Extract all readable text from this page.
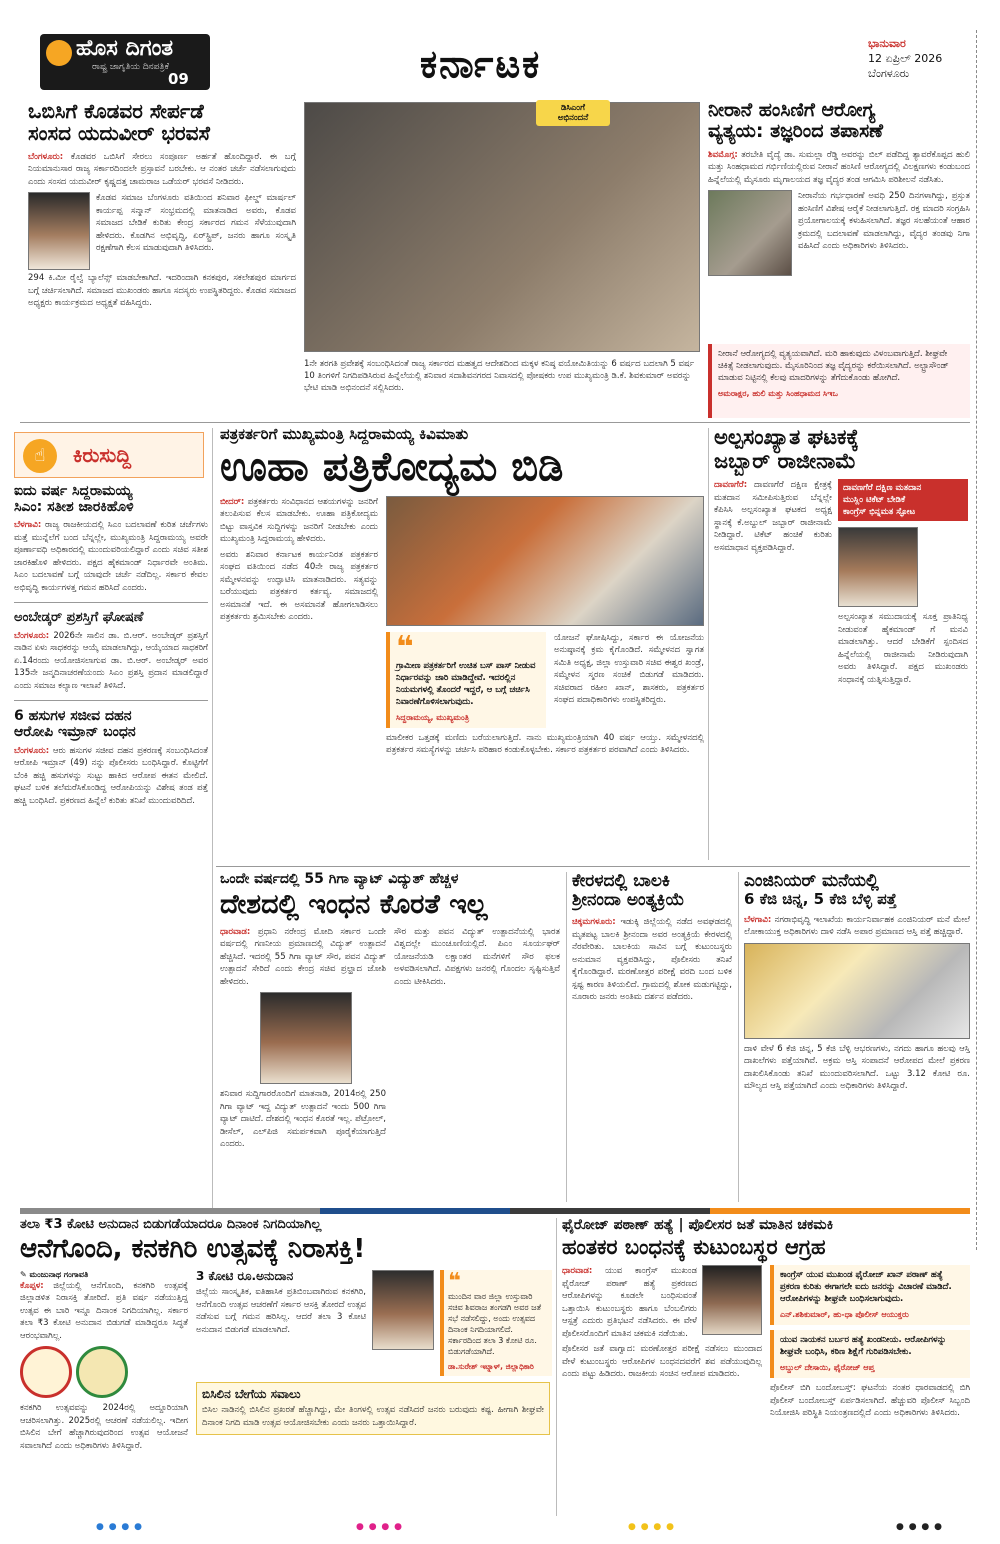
ಹೊಸ ದಿಗಂತ
ರಾಷ್ಟ್ರ ಜಾಗೃತಿಯ ದಿನಪತ್ರಿಕೆ
09	ಕರ್ನಾಟಕ	ಭಾನುವಾರ
12 ಏಪ್ರಿಲ್ 2026
ಬೆಂಗಳೂರು
ಒಬಿಸಿಗೆ ಕೊಡವರ ಸೇರ್ಪಡೆ
ಸಂಸದ ಯದುವೀರ್ ಭರವಸೆ
ಬೆಂಗಳೂರು: ಕೊಡವರ ಒಬಿಸಿಗೆ ಸೇರಲು ಸಂಪೂರ್ಣ ಅರ್ಹತೆ ಹೊಂದಿದ್ದಾರೆ. ಈ ಬಗ್ಗೆ ನಿಯಮಾನುಸಾರ ರಾಜ್ಯ ಸರ್ಕಾರದಿಂದಲೇ ಪ್ರಸ್ತಾವನೆ ಬರಬೇಕು. ಆ ನಂತರ ಚರ್ಚೆ ನಡೆಸಲಾಗುವುದು ಎಂದು ಸಂಸದ ಯದುವೀರ್ ಕೃಷ್ಣದತ್ತ ಚಾಮರಾಜ ಒಡೆಯರ್ ಭರವಸೆ ನೀಡಿದರು.
ಕೊಡವ ಸಮಾಜ ಬೆಂಗಳೂರು ವತಿಯಿಂದ ಶನಿವಾರ ಫೀಲ್ಡ್ ಮಾರ್ಷಲ್ ಕಾರ್ಯಪ್ಪ ಸನ್ಮಾನ್ ಸಂಭ್ರಮದಲ್ಲಿ ಮಾತನಾಡಿದ ಅವರು, ಕೊಡವ ಸಮಾಜದ ಬೇಡಿಕೆ ಕುರಿತು ಕೇಂದ್ರ ಸರ್ಕಾರದ ಗಮನ ಸೆಳೆಯುವುದಾಗಿ ಹೇಳಿದರು. ಕೊಡಗಿನ ಅಭಿವೃದ್ಧಿ, ಏರ್‌ಸ್ಟ್ರಿಪ್, ಜನರು ಹಾಗೂ ಸಂಸ್ಕೃತಿ ರಕ್ಷಣೆಗಾಗಿ ಕೆಲಸ ಮಾಡುವುದಾಗಿ ತಿಳಿಸಿದರು.
294 ಕಿ.ಮೀ ರೈಲ್ವೆ ಬ್ಯಾಲೆನ್ಸ್ ಮಾಡಬೇಕಾಗಿದೆ. ಇದರಿಂದಾಗಿ ಕನಕಪುರ, ಸಕಲೇಶಪುರ ಮಾರ್ಗದ ಬಗ್ಗೆ ಚರ್ಚಿಸಲಾಗಿದೆ. ಸಮಾಜದ ಮುಖಂಡರು ಹಾಗೂ ಸದಸ್ಯರು ಉಪಸ್ಥಿತರಿದ್ದರು. ಕೊಡವ ಸಮಾಜದ ಅಧ್ಯಕ್ಷರು ಕಾರ್ಯಕ್ರಮದ ಅಧ್ಯಕ್ಷತೆ ವಹಿಸಿದ್ದರು.
ಡಿಸಿಎಂಗೆ
ಅಭಿನಂದನೆ
1ನೇ ತರಗತಿ ಪ್ರವೇಶಕ್ಕೆ ಸಂಬಂಧಿಸಿದಂತೆ ರಾಜ್ಯ ಸರ್ಕಾರದ ಮಹತ್ವದ ಆದೇಶದಿಂದ ಮಕ್ಕಳ ಕನಿಷ್ಠ ವಯೋಮಿತಿಯನ್ನು 6 ವರ್ಷದ ಬದಲಾಗಿ 5 ವರ್ಷ 10 ತಿಂಗಳಿಗೆ ನಿಗದಿಪಡಿಸಿರುವ ಹಿನ್ನೆಲೆಯಲ್ಲಿ ಶನಿವಾರ ಸದಾಶಿವನಗರದ ನಿವಾಸದಲ್ಲಿ ಪೋಷಕರು ಉಪ ಮುಖ್ಯಮಂತ್ರಿ ಡಿ.ಕೆ. ಶಿವಕುಮಾರ್ ಅವರನ್ನು ಭೇಟಿ ಮಾಡಿ ಅಭಿನಂದನೆ ಸಲ್ಲಿಸಿದರು.
ನೀರಾನೆ ಹಂಸಿಣಿಗೆ ಆರೋಗ್ಯ
ವ್ಯತ್ಯಯ: ತಜ್ಞರಿಂದ ತಪಾಸಣೆ
ಶಿವಮೊಗ್ಗ: ತರಬೇತಿ ವೈದ್ಯೆ ಡಾ. ಸುಮಲ್ಲಾ ರೆಡ್ಡಿ ಅವರನ್ನು ಬಿಲ್ ಪಡೆದಿದ್ದ ತ್ಯಾವರೆಕೊಪ್ಪದ ಹುಲಿ ಮತ್ತು ಸಿಂಹಧಾಮದ ಗರ್ಭಿಣಿಯಲ್ಲಿರುವ ನೀರಾನೆ ಹಂಸಿಣಿ ಆರೋಗ್ಯದಲ್ಲಿ ವಿಲಕ್ಷಣಗಳು ಕಂಡುಬಂದ ಹಿನ್ನೆಲೆಯಲ್ಲಿ ಮೈಸೂರು ಮೃಗಾಲಯದ ತಜ್ಞ ವೈದ್ಯರ ತಂಡ ಆಗಮಿಸಿ ಪರಿಶೀಲನೆ ನಡೆಸಿತು.
ನೀರಾನೆಯ ಗರ್ಭಧಾರಣೆ ಅವಧಿ 250 ದಿನಗಳಾಗಿದ್ದು, ಪ್ರಸ್ತುತ ಹಂಸಿಣಿಗೆ ವಿಶೇಷ ಆರೈಕೆ ನೀಡಲಾಗುತ್ತಿದೆ. ರಕ್ತ ಮಾದರಿ ಸಂಗ್ರಹಿಸಿ ಪ್ರಯೋಗಾಲಯಕ್ಕೆ ಕಳುಹಿಸಲಾಗಿದೆ. ತಜ್ಞರ ಸಲಹೆಯಂತೆ ಆಹಾರ ಕ್ರಮದಲ್ಲಿ ಬದಲಾವಣೆ ಮಾಡಲಾಗಿದ್ದು, ವೈದ್ಯರ ತಂಡವು ನಿಗಾ ವಹಿಸಿದೆ ಎಂದು ಅಧಿಕಾರಿಗಳು ತಿಳಿಸಿದರು.
ನೀರಾನೆ ಆರೋಗ್ಯದಲ್ಲಿ ವ್ಯತ್ಯಯವಾಗಿದೆ. ಮರಿ ಹಾಕುವುದು ವಿಳಂಬವಾಗುತ್ತಿದೆ. ಶೀಘ್ರವೇ ಚಿಕಿತ್ಸೆ ನೀಡಲಾಗುವುದು. ಮೈಸೂರಿನಿಂದ ತಜ್ಞ ವೈದ್ಯರನ್ನು ಕರೆಯಿಸಲಾಗಿದೆ. ಅಲ್ಟ್ರಾಸೌಂಡ್ ಮಾಡುವ ನಿಟ್ಟಿನಲ್ಲಿ ಕೆಲವು ಮಾದರಿಗಳನ್ನು ತೆಗೆದುಕೊಂಡು ಹೋಗಿದೆ.
ಅಮರಾಕ್ಷರ, ಹುಲಿ ಮತ್ತು ಸಿಂಹಧಾಮದ ಸಿಇಒ
☝	ಕಿರುಸುದ್ದಿ
ಐದು ವರ್ಷ ಸಿದ್ದರಾಮಯ್ಯ
ಸಿಎಂ: ಸತೀಶ ಜಾರಕಿಹೊಳಿ
ಬೆಳಗಾವಿ: ರಾಜ್ಯ ರಾಜಕೀಯದಲ್ಲಿ ಸಿಎಂ ಬದಲಾವಣೆ ಕುರಿತ ಚರ್ಚೆಗಳು ಮತ್ತೆ ಮುನ್ನೆಲೆಗೆ ಬಂದ ಬೆನ್ನಲ್ಲೇ, ಮುಖ್ಯಮಂತ್ರಿ ಸಿದ್ದರಾಮಯ್ಯ ಅವರೇ ಪೂರ್ಣಾವಧಿ ಅಧಿಕಾರದಲ್ಲಿ ಮುಂದುವರಿಯಲಿದ್ದಾರೆ ಎಂದು ಸಚಿವ ಸತೀಶ ಜಾರಕಿಹೊಳಿ ಹೇಳಿದರು. ಪಕ್ಷದ ಹೈಕಮಾಂಡ್ ನಿರ್ಧಾರವೇ ಅಂತಿಮ. ಸಿಎಂ ಬದಲಾವಣೆ ಬಗ್ಗೆ ಯಾವುದೇ ಚರ್ಚೆ ನಡೆದಿಲ್ಲ. ಸರ್ಕಾರ ಕೇವಲ ಅಭಿವೃದ್ಧಿ ಕಾರ್ಯಗಳತ್ತ ಗಮನ ಹರಿಸಿದೆ ಎಂದರು.
ಅಂಬೇಡ್ಕರ್ ಪ್ರಶಸ್ತಿಗೆ ಘೋಷಣೆ
ಬೆಂಗಳೂರು: 2026ನೇ ಸಾಲಿನ ಡಾ. ಬಿ.ಆರ್. ಅಂಬೇಡ್ಕರ್ ಪ್ರಶಸ್ತಿಗೆ ನಾಡಿನ ಏಳು ಸಾಧಕರನ್ನು ಆಯ್ಕೆ ಮಾಡಲಾಗಿದ್ದು, ಆಯ್ಕೆಯಾದ ಸಾಧಕರಿಗೆ ಏ.14ರಂದು ಆಯೋಜಿಸಲಾಗುವ ಡಾ. ಬಿ.ಆರ್. ಅಂಬೇಡ್ಕರ್ ಅವರ 135ನೇ ಜನ್ಮದಿನಾಚರಣೆಯಂದು ಸಿಎಂ ಪ್ರಶಸ್ತಿ ಪ್ರದಾನ ಮಾಡಲಿದ್ದಾರೆ ಎಂದು ಸಮಾಜ ಕಲ್ಯಾಣ ಇಲಾಖೆ ತಿಳಿಸಿದೆ.
6 ಹಸುಗಳ ಸಜೀವ ದಹನ
ಆರೋಪಿ ಇಮ್ರಾನ್ ಬಂಧನ
ಬೆಂಗಳೂರು: ಆರು ಹಸುಗಳ ಸಜೀವ ದಹನ ಪ್ರಕರಣಕ್ಕೆ ಸಂಬಂಧಿಸಿದಂತೆ ಆರೋಪಿ ಇಮ್ರಾನ್ (49) ನನ್ನು ಪೊಲೀಸರು ಬಂಧಿಸಿದ್ದಾರೆ. ಕೊಟ್ಟಿಗೆಗೆ ಬೆಂಕಿ ಹಚ್ಚಿ ಹಸುಗಳನ್ನು ಸುಟ್ಟು ಹಾಕಿದ ಆರೋಪ ಈತನ ಮೇಲಿದೆ. ಘಟನೆ ಬಳಿಕ ತಲೆಮರೆಸಿಕೊಂಡಿದ್ದ ಆರೋಪಿಯನ್ನು ವಿಶೇಷ ತಂಡ ಪತ್ತೆ ಹಚ್ಚಿ ಬಂಧಿಸಿದೆ. ಪ್ರಕರಣದ ಹಿನ್ನೆಲೆ ಕುರಿತು ತನಿಖೆ ಮುಂದುವರಿದಿದೆ.
ಪತ್ರಕರ್ತರಿಗೆ ಮುಖ್ಯಮಂತ್ರಿ ಸಿದ್ದರಾಮಯ್ಯ ಕಿವಿಮಾತು
ಊಹಾ ಪತ್ರಿಕೋದ್ಯಮ ಬಿಡಿ
ಬೀದರ್: ಪತ್ರಕರ್ತರು ಸಂವಿಧಾನದ ಆಶಯಗಳನ್ನು ಜನರಿಗೆ ತಲುಪಿಸುವ ಕೆಲಸ ಮಾಡಬೇಕು. ಊಹಾ ಪತ್ರಿಕೋದ್ಯಮ ಬಿಟ್ಟು ವಾಸ್ತವಿಕ ಸುದ್ದಿಗಳನ್ನು ಜನರಿಗೆ ನೀಡಬೇಕು ಎಂದು ಮುಖ್ಯಮಂತ್ರಿ ಸಿದ್ದರಾಮಯ್ಯ ಹೇಳಿದರು.
ಅವರು ಶನಿವಾರ ಕರ್ನಾಟಕ ಕಾರ್ಯನಿರತ ಪತ್ರಕರ್ತರ ಸಂಘದ ವತಿಯಿಂದ ನಡೆದ 40ನೇ ರಾಜ್ಯ ಪತ್ರಕರ್ತರ ಸಮ್ಮೇಳನವನ್ನು ಉದ್ಘಾಟಿಸಿ ಮಾತನಾಡಿದರು. ಸತ್ಯವನ್ನು ಬರೆಯುವುದು ಪತ್ರಕರ್ತರ ಕರ್ತವ್ಯ. ಸಮಾಜದಲ್ಲಿ ಅಸಮಾನತೆ ಇದೆ. ಈ ಅಸಮಾನತೆ ಹೋಗಲಾಡಿಸಲು ಪತ್ರಕರ್ತರು ಶ್ರಮಿಸಬೇಕು ಎಂದರು.
❝
ಗ್ರಾಮೀಣ ಪತ್ರಕರ್ತರಿಗೆ ಉಚಿತ ಬಸ್ ಪಾಸ್ ನೀಡುವ ನಿರ್ಧಾರವನ್ನು ಜಾರಿ ಮಾಡಿದ್ದೇವೆ. ಇದರಲ್ಲಿನ ನಿಯಮಗಳಲ್ಲಿ ತೊಂದರೆ ಇದ್ದರೆ, ಆ ಬಗ್ಗೆ ಚರ್ಚಿಸಿ ನಿವಾರಣೆಗೊಳಿಸಲಾಗುವುದು.
ಸಿದ್ದರಾಮಯ್ಯ, ಮುಖ್ಯಮಂತ್ರಿ
ಯೋಜನೆ ಘೋಷಿಸಿದ್ದು, ಸರ್ಕಾರ ಈ ಯೋಜನೆಯ ಅನುಷ್ಠಾನಕ್ಕೆ ಕ್ರಮ ಕೈಗೊಂಡಿದೆ. ಸಮ್ಮೇಳನದ ಸ್ವಾಗತ ಸಮಿತಿ ಅಧ್ಯಕ್ಷ, ಜಿಲ್ಲಾ ಉಸ್ತುವಾರಿ ಸಚಿವ ಈಶ್ವರ ಖಂಡ್ರೆ, ಸಮ್ಮೇಳನ ಸ್ಮರಣ ಸಂಚಿಕೆ ಬಿಡುಗಡೆ ಮಾಡಿದರು. ಸಚಿವರಾದ ರಹೀಂ ಖಾನ್, ಶಾಸಕರು, ಪತ್ರಕರ್ತರ ಸಂಘದ ಪದಾಧಿಕಾರಿಗಳು ಉಪಸ್ಥಿತರಿದ್ದರು.
ಮಾಲೀಕರ ಒತ್ತಡಕ್ಕೆ ಮಣಿದು ಬರೆಯಲಾಗುತ್ತಿದೆ. ನಾನು ಮುಖ್ಯಮಂತ್ರಿಯಾಗಿ 40 ವರ್ಷ ಆಯ್ತು. ಸಮ್ಮೇಳನದಲ್ಲಿ ಪತ್ರಕರ್ತರ ಸಮಸ್ಯೆಗಳನ್ನು ಚರ್ಚಿಸಿ ಪರಿಹಾರ ಕಂಡುಕೊಳ್ಳಬೇಕು. ಸರ್ಕಾರ ಪತ್ರಕರ್ತರ ಪರವಾಗಿದೆ ಎಂದು ತಿಳಿಸಿದರು.
ಅಲ್ಪಸಂಖ್ಯಾತ ಘಟಕಕ್ಕೆ
ಜಬ್ಬಾರ್ ರಾಜೀನಾಮೆ
ದಾವಣಗೆರೆ: ದಾವಣಗೆರೆ ದಕ್ಷಿಣ ಕ್ಷೇತ್ರಕ್ಕೆ ಮತದಾನ ಸಮೀಪಿಸುತ್ತಿರುವ ಬೆನ್ನಲ್ಲೇ ಕೆಪಿಸಿಸಿ ಅಲ್ಪಸಂಖ್ಯಾತ ಘಟಕದ ಅಧ್ಯಕ್ಷ ಸ್ಥಾನಕ್ಕೆ ಕೆ.ಅಬ್ದುಲ್ ಜಬ್ಬಾರ್ ರಾಜೀನಾಮೆ ನೀಡಿದ್ದಾರೆ. ಟಿಕೆಟ್ ಹಂಚಿಕೆ ಕುರಿತು ಅಸಮಾಧಾನ ವ್ಯಕ್ತಪಡಿಸಿದ್ದಾರೆ.
ದಾವಣಗೆರೆ ದಕ್ಷಿಣ ಮತದಾನ
ಮುಸ್ಲಿಂ ಟಿಕೆಟ್ ಬೇಡಿಕೆ
ಕಾಂಗ್ರೆಸ್ ಭಿನ್ನಮತ ಸ್ಫೋಟ
ಅಲ್ಪಸಂಖ್ಯಾತ ಸಮುದಾಯಕ್ಕೆ ಸೂಕ್ತ ಪ್ರಾತಿನಿಧ್ಯ ನೀಡುವಂತೆ ಹೈಕಮಾಂಡ್ ಗೆ ಮನವಿ ಮಾಡಲಾಗಿತ್ತು. ಆದರೆ ಬೇಡಿಕೆಗೆ ಸ್ಪಂದಿಸದ ಹಿನ್ನೆಲೆಯಲ್ಲಿ ರಾಜೀನಾಮೆ ನೀಡಿರುವುದಾಗಿ ಅವರು ತಿಳಿಸಿದ್ದಾರೆ. ಪಕ್ಷದ ಮುಖಂಡರು ಸಂಧಾನಕ್ಕೆ ಯತ್ನಿಸುತ್ತಿದ್ದಾರೆ.
ಒಂದೇ ವರ್ಷದಲ್ಲಿ 55 ಗಿಗಾ ವ್ಯಾಟ್ ವಿದ್ಯುತ್ ಹೆಚ್ಚಳ
ದೇಶದಲ್ಲಿ ಇಂಧನ ಕೊರತೆ ಇಲ್ಲ
ಧಾರವಾಡ: ಪ್ರಧಾನಿ ನರೇಂದ್ರ ಮೋದಿ ಸರ್ಕಾರ ಒಂದೇ ವರ್ಷದಲ್ಲಿ ಗಣನೀಯ ಪ್ರಮಾಣದಲ್ಲಿ ವಿದ್ಯುತ್ ಉತ್ಪಾದನೆ ಹೆಚ್ಚಿಸಿದೆ. ಇದರಲ್ಲಿ 55 ಗಿಗಾ ವ್ಯಾಟ್ ಸೌರ, ಪವನ ವಿದ್ಯುತ್ ಉತ್ಪಾದನೆ ಸೇರಿದೆ ಎಂದು ಕೇಂದ್ರ ಸಚಿವ ಪ್ರಲ್ಹಾದ ಜೋಶಿ ಹೇಳಿದರು.
ಶನಿವಾರ ಸುದ್ದಿಗಾರರೊಂದಿಗೆ ಮಾತನಾಡಿ, 2014ರಲ್ಲಿ 250 ಗಿಗಾ ವ್ಯಾಟ್ ಇದ್ದ ವಿದ್ಯುತ್ ಉತ್ಪಾದನೆ ಇಂದು 500 ಗಿಗಾ ವ್ಯಾಟ್ ದಾಟಿದೆ. ದೇಶದಲ್ಲಿ ಇಂಧನ ಕೊರತೆ ಇಲ್ಲ. ಪೆಟ್ರೋಲ್, ಡೀಸೆಲ್, ಎಲ್‌ಪಿಜಿ ಸಮರ್ಪಕವಾಗಿ ಪೂರೈಕೆಯಾಗುತ್ತಿದೆ ಎಂದರು.
ಸೌರ ಮತ್ತು ಪವನ ವಿದ್ಯುತ್ ಉತ್ಪಾದನೆಯಲ್ಲಿ ಭಾರತ ವಿಶ್ವದಲ್ಲೇ ಮುಂಚೂಣಿಯಲ್ಲಿದೆ. ಪಿಎಂ ಸೂರ್ಯಘರ್ ಯೋಜನೆಯಡಿ ಲಕ್ಷಾಂತರ ಮನೆಗಳಿಗೆ ಸೌರ ಫಲಕ ಅಳವಡಿಸಲಾಗಿದೆ. ವಿಪಕ್ಷಗಳು ಜನರಲ್ಲಿ ಗೊಂದಲ ಸೃಷ್ಟಿಸುತ್ತಿವೆ ಎಂದು ಟೀಕಿಸಿದರು.
ಕೇರಳದಲ್ಲಿ ಬಾಲಕಿ
ಶ್ರೀನಂದಾ ಅಂತ್ಯಕ್ರಿಯೆ
ಚಿಕ್ಕಮಗಳೂರು: ಇಡುಕ್ಕಿ ಜಿಲ್ಲೆಯಲ್ಲಿ ನಡೆದ ಅವಘಡದಲ್ಲಿ ಮೃತಪಟ್ಟ ಬಾಲಕಿ ಶ್ರೀನಂದಾ ಅವರ ಅಂತ್ಯಕ್ರಿಯೆ ಕೇರಳದಲ್ಲಿ ನೆರವೇರಿತು. ಬಾಲಕಿಯ ಸಾವಿನ ಬಗ್ಗೆ ಕುಟುಂಬಸ್ಥರು ಅನುಮಾನ ವ್ಯಕ್ತಪಡಿಸಿದ್ದು, ಪೊಲೀಸರು ತನಿಖೆ ಕೈಗೊಂಡಿದ್ದಾರೆ. ಮರಣೋತ್ತರ ಪರೀಕ್ಷೆ ವರದಿ ಬಂದ ಬಳಿಕ ಸ್ಪಷ್ಟ ಕಾರಣ ತಿಳಿಯಲಿದೆ. ಗ್ರಾಮದಲ್ಲಿ ಶೋಕ ಮಡುಗಟ್ಟಿದ್ದು, ನೂರಾರು ಜನರು ಅಂತಿಮ ದರ್ಶನ ಪಡೆದರು.
ಎಂಜಿನಿಯರ್ ಮನೆಯಲ್ಲಿ
6 ಕೆಜಿ ಚಿನ್ನ, 5 ಕೆಜಿ ಬೆಳ್ಳಿ ಪತ್ತೆ
ಬೆಳಗಾವಿ: ನಗರಾಭಿವೃದ್ಧಿ ಇಲಾಖೆಯ ಕಾರ್ಯನಿರ್ವಾಹಕ ಎಂಜಿನಿಯರ್ ಮನೆ ಮೇಲೆ ಲೋಕಾಯುಕ್ತ ಅಧಿಕಾರಿಗಳು ದಾಳಿ ನಡೆಸಿ ಅಪಾರ ಪ್ರಮಾಣದ ಆಸ್ತಿ ಪತ್ತೆ ಹಚ್ಚಿದ್ದಾರೆ.
ದಾಳಿ ವೇಳೆ 6 ಕೆಜಿ ಚಿನ್ನ, 5 ಕೆಜಿ ಬೆಳ್ಳಿ ಆಭರಣಗಳು, ನಗದು ಹಾಗೂ ಹಲವು ಆಸ್ತಿ ದಾಖಲೆಗಳು ಪತ್ತೆಯಾಗಿವೆ. ಅಕ್ರಮ ಆಸ್ತಿ ಸಂಪಾದನೆ ಆರೋಪದ ಮೇಲೆ ಪ್ರಕರಣ ದಾಖಲಿಸಿಕೊಂಡು ತನಿಖೆ ಮುಂದುವರಿಸಲಾಗಿದೆ. ಒಟ್ಟು 3.12 ಕೋಟಿ ರೂ. ಮೌಲ್ಯದ ಆಸ್ತಿ ಪತ್ತೆಯಾಗಿದೆ ಎಂದು ಅಧಿಕಾರಿಗಳು ತಿಳಿಸಿದ್ದಾರೆ.
ತಲಾ ₹3 ಕೋಟಿ ಅನುದಾನ ಬಿಡುಗಡೆಯಾದರೂ ದಿನಾಂಕ ನಿಗದಿಯಾಗಿಲ್ಲ
ಆನೆಗೊಂದಿ, ಕನಕಗಿರಿ ಉತ್ಸವಕ್ಕೆ ನಿರಾಸಕ್ತಿ!
✎ ಮಂಜುನಾಥ ಗಂಗಾವತಿ
ಕೊಪ್ಪಳ: ಜಿಲ್ಲೆಯಲ್ಲಿ ಆನೆಗೊಂದಿ, ಕನಕಗಿರಿ ಉತ್ಸವಕ್ಕೆ ಜಿಲ್ಲಾಡಳಿತ ನಿರಾಸಕ್ತಿ ತೋರಿದೆ. ಪ್ರತಿ ವರ್ಷ ನಡೆಯುತ್ತಿದ್ದ ಉತ್ಸವ ಈ ಬಾರಿ ಇನ್ನೂ ದಿನಾಂಕ ನಿಗದಿಯಾಗಿಲ್ಲ. ಸರ್ಕಾರ ತಲಾ ₹3 ಕೋಟಿ ಅನುದಾನ ಬಿಡುಗಡೆ ಮಾಡಿದ್ದರೂ ಸಿದ್ಧತೆ ಆರಂಭವಾಗಿಲ್ಲ.
ಕನಕಗಿರಿ ಉತ್ಸವವನ್ನು 2024ರಲ್ಲಿ ಅದ್ದೂರಿಯಾಗಿ ಆಚರಿಸಲಾಗಿತ್ತು. 2025ರಲ್ಲಿ ಆಚರಣೆ ನಡೆಯಲಿಲ್ಲ. ಇದೀಗ ಬಿಸಿಲಿನ ಬೇಗೆ ಹೆಚ್ಚಾಗಿರುವುದರಿಂದ ಉತ್ಸವ ಆಯೋಜನೆ ಸವಾಲಾಗಿದೆ ಎಂದು ಅಧಿಕಾರಿಗಳು ತಿಳಿಸಿದ್ದಾರೆ.
3 ಕೋಟಿ ರೂ.ಅನುದಾನ
ಜಿಲ್ಲೆಯ ಸಾಂಸ್ಕೃತಿಕ, ಐತಿಹಾಸಿಕ ಪ್ರತಿಬಿಂಬವಾಗಿರುವ ಕನಕಗಿರಿ, ಆನೆಗೊಂದಿ ಉತ್ಸವ ಆಚರಣೆಗೆ ಸರ್ಕಾರ ಆಸಕ್ತಿ ತೋರದೆ ಉತ್ಸವ ನಡೆಸುವ ಬಗ್ಗೆ ಗಮನ ಹರಿಸಿಲ್ಲ. ಆದರೆ ತಲಾ 3 ಕೋಟಿ ಅನುದಾನ ಬಿಡುಗಡೆ ಮಾಡಲಾಗಿದೆ.
❝
ಮುಂದಿನ ವಾರ ಜಿಲ್ಲಾ ಉಸ್ತುವಾರಿ ಸಚಿವ ಶಿವರಾಜ ತಂಗಡಗಿ ಅವರ ಜತೆ ಸಭೆ ನಡೆಸಲಿದ್ದು, ಅಂದು ಉತ್ಸವದ ದಿನಾಂಕ ನಿಗದಿಯಾಗಲಿದೆ. ಸರ್ಕಾರದಿಂದ ತಲಾ 3 ಕೋಟಿ ರೂ. ಬಿಡುಗಡೆಯಾಗಿದೆ.
ಡಾ.ಸುರೇಶ್ ಇಟ್ನಾಳ್, ಜಿಲ್ಲಾಧಿಕಾರಿ
ಬಿಸಿಲಿನ ಬೇಗೆಯ ಸವಾಲು
ಬಿಸಿಲ ನಾಡಿನಲ್ಲಿ ಬಿಸಿಲಿನ ಪ್ರಖರತೆ ಹೆಚ್ಚಾಗಿದ್ದು, ಮೇ ತಿಂಗಳಲ್ಲಿ ಉತ್ಸವ ನಡೆಸಿದರೆ ಜನರು ಬರುವುದು ಕಷ್ಟ. ಹೀಗಾಗಿ ಶೀಘ್ರವೇ ದಿನಾಂಕ ನಿಗದಿ ಮಾಡಿ ಉತ್ಸವ ಆಯೋಜಿಸಬೇಕು ಎಂದು ಜನರು ಒತ್ತಾಯಿಸಿದ್ದಾರೆ.
ಫೈರೋಜ್ ಪಠಾಣ್ ಹತ್ಯೆ | ಪೊಲೀಸರ ಜತೆ ಮಾತಿನ ಚಕಮಕಿ
ಹಂತಕರ ಬಂಧನಕ್ಕೆ ಕುಟುಂಬಸ್ಥರ ಆಗ್ರಹ
ಧಾರವಾಡ: ಯುವ ಕಾಂಗ್ರೆಸ್ ಮುಖಂಡ ಫೈರೋಜ್ ಪಠಾಣ್ ಹತ್ಯೆ ಪ್ರಕರಣದ ಆರೋಪಿಗಳನ್ನು ಕೂಡಲೇ ಬಂಧಿಸುವಂತೆ ಒತ್ತಾಯಿಸಿ ಕುಟುಂಬಸ್ಥರು ಹಾಗೂ ಬೆಂಬಲಿಗರು ಆಸ್ಪತ್ರೆ ಎದುರು ಪ್ರತಿಭಟನೆ ನಡೆಸಿದರು. ಈ ವೇಳೆ ಪೊಲೀಸರೊಂದಿಗೆ ಮಾತಿನ ಚಕಮಕಿ ನಡೆಯಿತು.
ಪೊಲೀಸರ ಜತೆ ವಾಗ್ವಾದ: ಮರಣೋತ್ತರ ಪರೀಕ್ಷೆ ನಡೆಸಲು ಮುಂದಾದ ವೇಳೆ ಕುಟುಂಬಸ್ಥರು ಆರೋಪಿಗಳ ಬಂಧನದವರೆಗೆ ಶವ ಪಡೆಯುವುದಿಲ್ಲ ಎಂದು ಪಟ್ಟು ಹಿಡಿದರು. ರಾಜಕೀಯ ಸಂಚಿನ ಆರೋಪ ಮಾಡಿದರು.
ಕಾಂಗ್ರೆಸ್ ಯುವ ಮುಖಂಡ ಫೈರೋಜ್ ಖಾನ್ ಪಠಾಣ್ ಹತ್ಯೆ ಪ್ರಕರಣ ಕುರಿತು ಈಗಾಗಲೇ ಐದು ಜನರನ್ನು ವಿಚಾರಣೆ ಮಾಡಿದೆ. ಆರೋಪಿಗಳನ್ನು ಶೀಘ್ರವೇ ಬಂಧಿಸಲಾಗುವುದು.
ಎನ್.ಶಶಿಕುಮಾರ್, ಹು-ಧಾ ಪೊಲೀಸ್ ಆಯುಕ್ತರು
ಯುವ ನಾಯಕನ ಬರ್ಬರ ಹತ್ಯೆ ಖಂಡನೀಯ. ಆರೋಪಿಗಳನ್ನು ಶೀಘ್ರವೇ ಬಂಧಿಸಿ, ಕಠಿಣ ಶಿಕ್ಷೆಗೆ ಗುರಿಪಡಿಸಬೇಕು.
ಅಬ್ದುಲ್ ದೇಸಾಯಿ, ಫೈರೋಜ್ ಆಪ್ತ
ಪೊಲೀಸ್ ಬಿಗಿ ಬಂದೋಬಸ್ತ್: ಘಟನೆಯ ನಂತರ ಧಾರವಾಡದಲ್ಲಿ ಬಿಗಿ ಪೊಲೀಸ್ ಬಂದೋಬಸ್ತ್ ಏರ್ಪಡಿಸಲಾಗಿದೆ. ಹೆಚ್ಚುವರಿ ಪೊಲೀಸ್ ಸಿಬ್ಬಂದಿ ನಿಯೋಜಿಸಿ ಪರಿಸ್ಥಿತಿ ನಿಯಂತ್ರಣದಲ್ಲಿದೆ ಎಂದು ಅಧಿಕಾರಿಗಳು ತಿಳಿಸಿದರು.
● ● ● ●	● ● ● ●	● ● ● ●	● ● ● ●
